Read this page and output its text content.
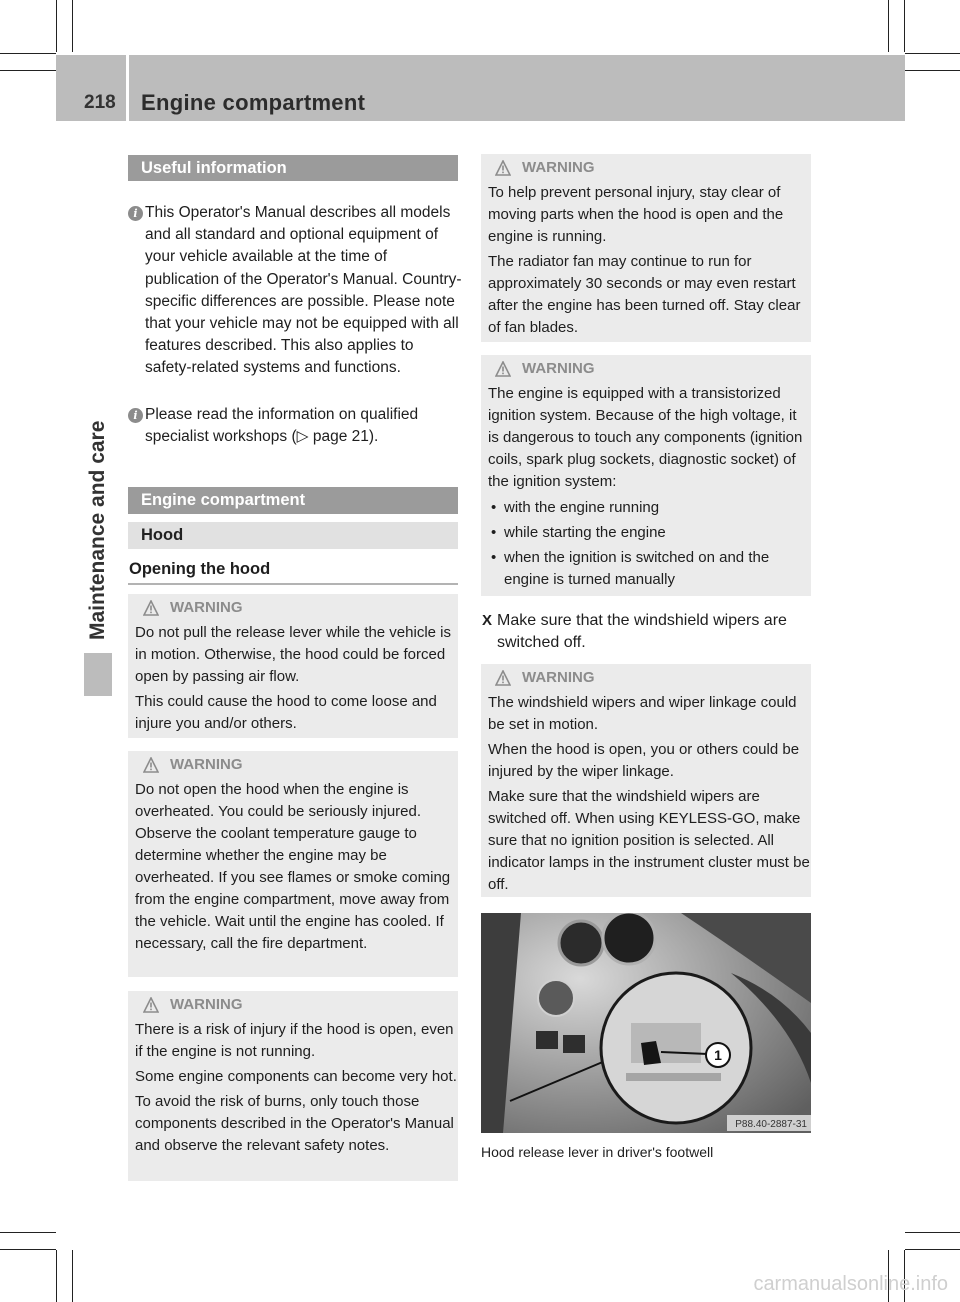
218 Engine compartment
Maintenance and care
Useful information
i This Operator's Manual describes all models and all standard and optional equipment of your vehicle available at the time of publication of the Operator's Manual. Country-specific differences are possible. Please note that your vehicle may not be equipped with all features described. This also applies to safety-related systems and functions.
i Please read the information on qualified specialist workshops (▷ page 21).
Engine compartment
Hood
Opening the hood
WARNING

Do not pull the release lever while the vehicle is in motion. Otherwise, the hood could be forced open by passing air flow.

This could cause the hood to come loose and injure you and/or others.

WARNING

Do not open the hood when the engine is overheated. You could be seriously injured. Observe the coolant temperature gauge to determine whether the engine may be overheated. If you see flames or smoke coming from the engine compartment, move away from the vehicle. Wait until the engine has cooled. If necessary, call the fire department.

WARNING

There is a risk of injury if the hood is open, even if the engine is not running.

Some engine components can become very hot.

To avoid the risk of burns, only touch those components described in the Operator's Manual and observe the relevant safety notes.

WARNING

To help prevent personal injury, stay clear of moving parts when the hood is open and the engine is running.

The radiator fan may continue to run for approximately 30 seconds or may even restart after the engine has been turned off. Stay clear of fan blades.

WARNING

The engine is equipped with a transistorized ignition system. Because of the high voltage, it is dangerous to touch any components (ignition coils, spark plug sockets, diagnostic socket) of the ignition system:

• with the engine running
• while starting the engine
• when the ignition is switched on and the engine is turned manually
X Make sure that the windshield wipers are switched off.
WARNING

The windshield wipers and wiper linkage could be set in motion.

When the hood is open, you or others could be injured by the wiper linkage.

Make sure that the windshield wipers are switched off. When using KEYLESS-GO, make sure that no ignition position is selected. All indicator lamps in the instrument cluster must be off.

1
P88.40-2887-31
Hood release lever in driver's footwell
carmanualsonline.info
